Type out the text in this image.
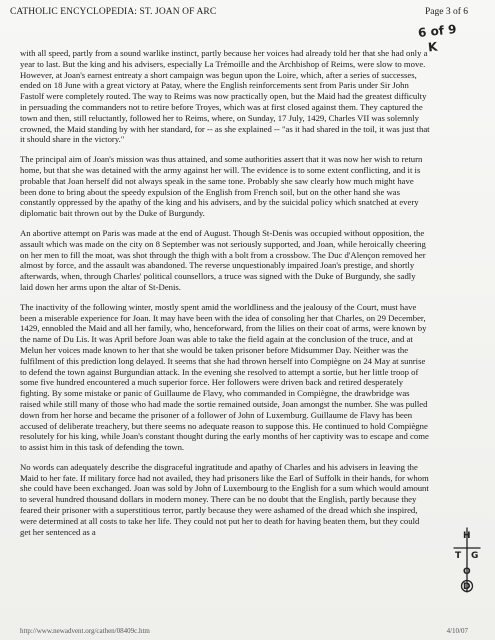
CATHOLIC ENCYCLOPEDIA: ST. JOAN OF ARC	Page 3 of 6
6 of 9
K

with all speed, partly from a sound warlike instinct, partly because her voices had already told her that she had only a year to last. But the king and his advisers, especially La Trémoille and the Archbishop of Reims, were slow to move. However, at Joan's earnest entreaty a short campaign was begun upon the Loire, which, after a series of successes, ended on 18 June with a great victory at Patay, where the English reinforcements sent from Paris under Sir John Fastolf were completely routed. The way to Reims was now practically open, but the Maid had the greatest difficulty in persuading the commanders not to retire before Troyes, which was at first closed against them. They captured the town and then, still reluctantly, followed her to Reims, where, on Sunday, 17 July, 1429, Charles VII was solemnly crowned, the Maid standing by with her standard, for -- as she explained -- "as it had shared in the toil, it was just that it should share in the victory."

The principal aim of Joan's mission was thus attained, and some authorities assert that it was now her wish to return home, but that she was detained with the army against her will. The evidence is to some extent conflicting, and it is probable that Joan herself did not always speak in the same tone. Probably she saw clearly how much might have been done to bring about the speedy expulsion of the English from French soil, but on the other hand she was constantly oppressed by the apathy of the king and his advisers, and by the suicidal policy which snatched at every diplomatic bait thrown out by the Duke of Burgundy.

An abortive attempt on Paris was made at the end of August. Though St-Denis was occupied without opposition, the assault which was made on the city on 8 September was not seriously supported, and Joan, while heroically cheering on her men to fill the moat, was shot through the thigh with a bolt from a crossbow. The Duc d'Alençon removed her almost by force, and the assault was abandoned. The reverse unquestionably impaired Joan's prestige, and shortly afterwards, when, through Charles' political counsellors, a truce was signed with the Duke of Burgundy, she sadly laid down her arms upon the altar of St-Denis.

The inactivity of the following winter, mostly spent amid the worldliness and the jealousy of the Court, must have been a miserable experience for Joan. It may have been with the idea of consoling her that Charles, on 29 December, 1429, ennobled the Maid and all her family, who, henceforward, from the lilies on their coat of arms, were known by the name of Du Lis. It was April before Joan was able to take the field again at the conclusion of the truce, and at Melun her voices made known to her that she would be taken prisoner before Midsummer Day. Neither was the fulfilment of this prediction long delayed. It seems that she had thrown herself into Compiègne on 24 May at sunrise to defend the town against Burgundian attack. In the evening she resolved to attempt a sortie, but her little troop of some five hundred encountered a much superior force. Her followers were driven back and retired desperately fighting. By some mistake or panic of Guillaume de Flavy, who commanded in Compiègne, the drawbridge was raised while still many of those who had made the sortie remained outside, Joan amongst the number. She was pulled down from her horse and became the prisoner of a follower of John of Luxemburg. Guillaume de Flavy has been accused of deliberate treachery, but there seems no adequate reason to suppose this. He continued to hold Compiègne resolutely for his king, while Joan's constant thought during the early months of her captivity was to escape and come to assist him in this task of defending the town.

No words can adequately describe the disgraceful ingratitude and apathy of Charles and his advisers in leaving the Maid to her fate. If military force had not availed, they had prisoners like the Earl of Suffolk in their hands, for whom she could have been exchanged. Joan was sold by John of Luxembourg to the English for a sum which would amount to several hundred thousand dollars in modern money. There can be no doubt that the English, partly because they feared their prisoner with a superstitious terror, partly because they were ashamed of the dread which she inspired, were determined at all costs to take her life. They could not put her to death for having beaten them, but they could get her sentenced as a	H
T G
O
D
http://www.newadvent.org/cathen/08409c.htm	4/10/07
